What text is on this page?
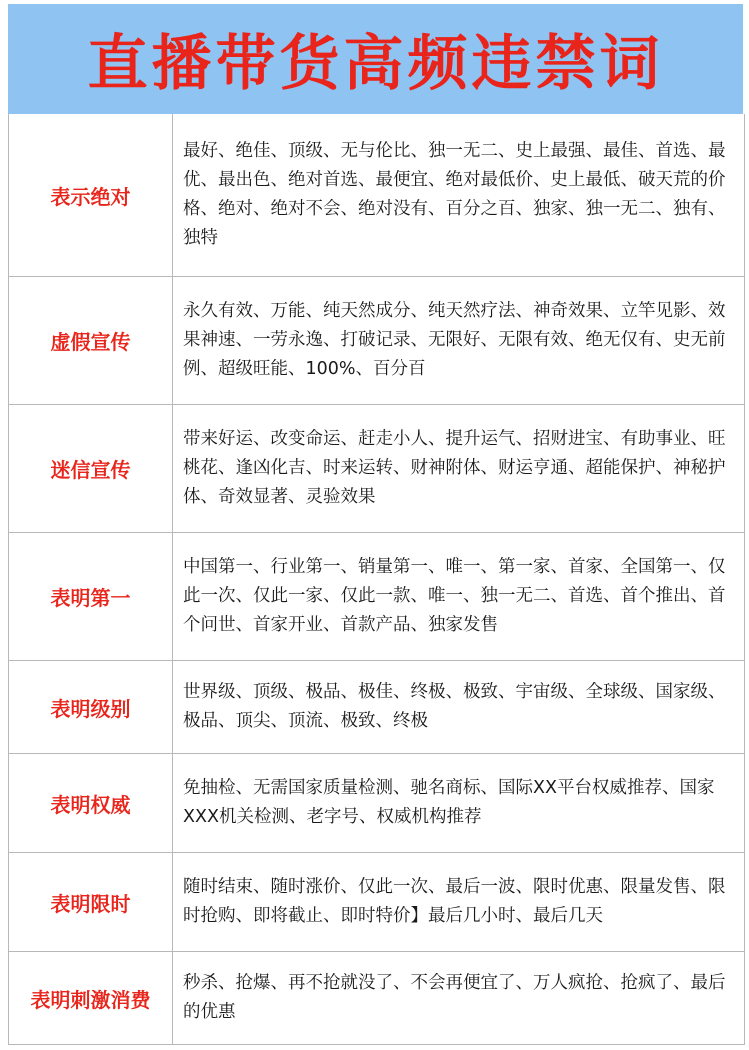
直播带货高频违禁词
表示绝对
最好、绝佳、顶级、无与伦比、独一无二、史上最强、最佳、首选、最优、最出色、绝对首选、最便宜、绝对最低价、史上最低、破天荒的价格、绝对、绝对不会、绝对没有、百分之百、独家、独一无二、独有、独特
虚假宣传
永久有效、万能、纯天然成分、纯天然疗法、神奇效果、立竿见影、效果神速、一劳永逸、打破记录、无限好、无限有效、绝无仅有、史无前例、超级旺能、100%、百分百
迷信宣传
带来好运、改变命运、赶走小人、提升运气、招财进宝、有助事业、旺桃花、逢凶化吉、时来运转、财神附体、财运亨通、超能保护、神秘护体、奇效显著、灵验效果
表明第一
中国第一、行业第一、销量第一、唯一、第一家、首家、全国第一、仅此一次、仅此一家、仅此一款、唯一、独一无二、首选、首个推出、首个问世、首家开业、首款产品、独家发售
表明级别
世界级、顶级、极品、极佳、终极、极致、宇宙级、全球级、国家级、极品、顶尖、顶流、极致、终极
表明权威
免抽检、无需国家质量检测、驰名商标、国际XX平台权威推荐、国家XXX机关检测、老字号、权威机构推荐
表明限时
随时结束、随时涨价、仅此一次、最后一波、限时优惠、限量发售、限时抢购、即将截止、即时特价】最后几小时、最后几天
表明刺激消费
秒杀、抢爆、再不抢就没了、不会再便宜了、万人疯抢、抢疯了、最后的优惠
